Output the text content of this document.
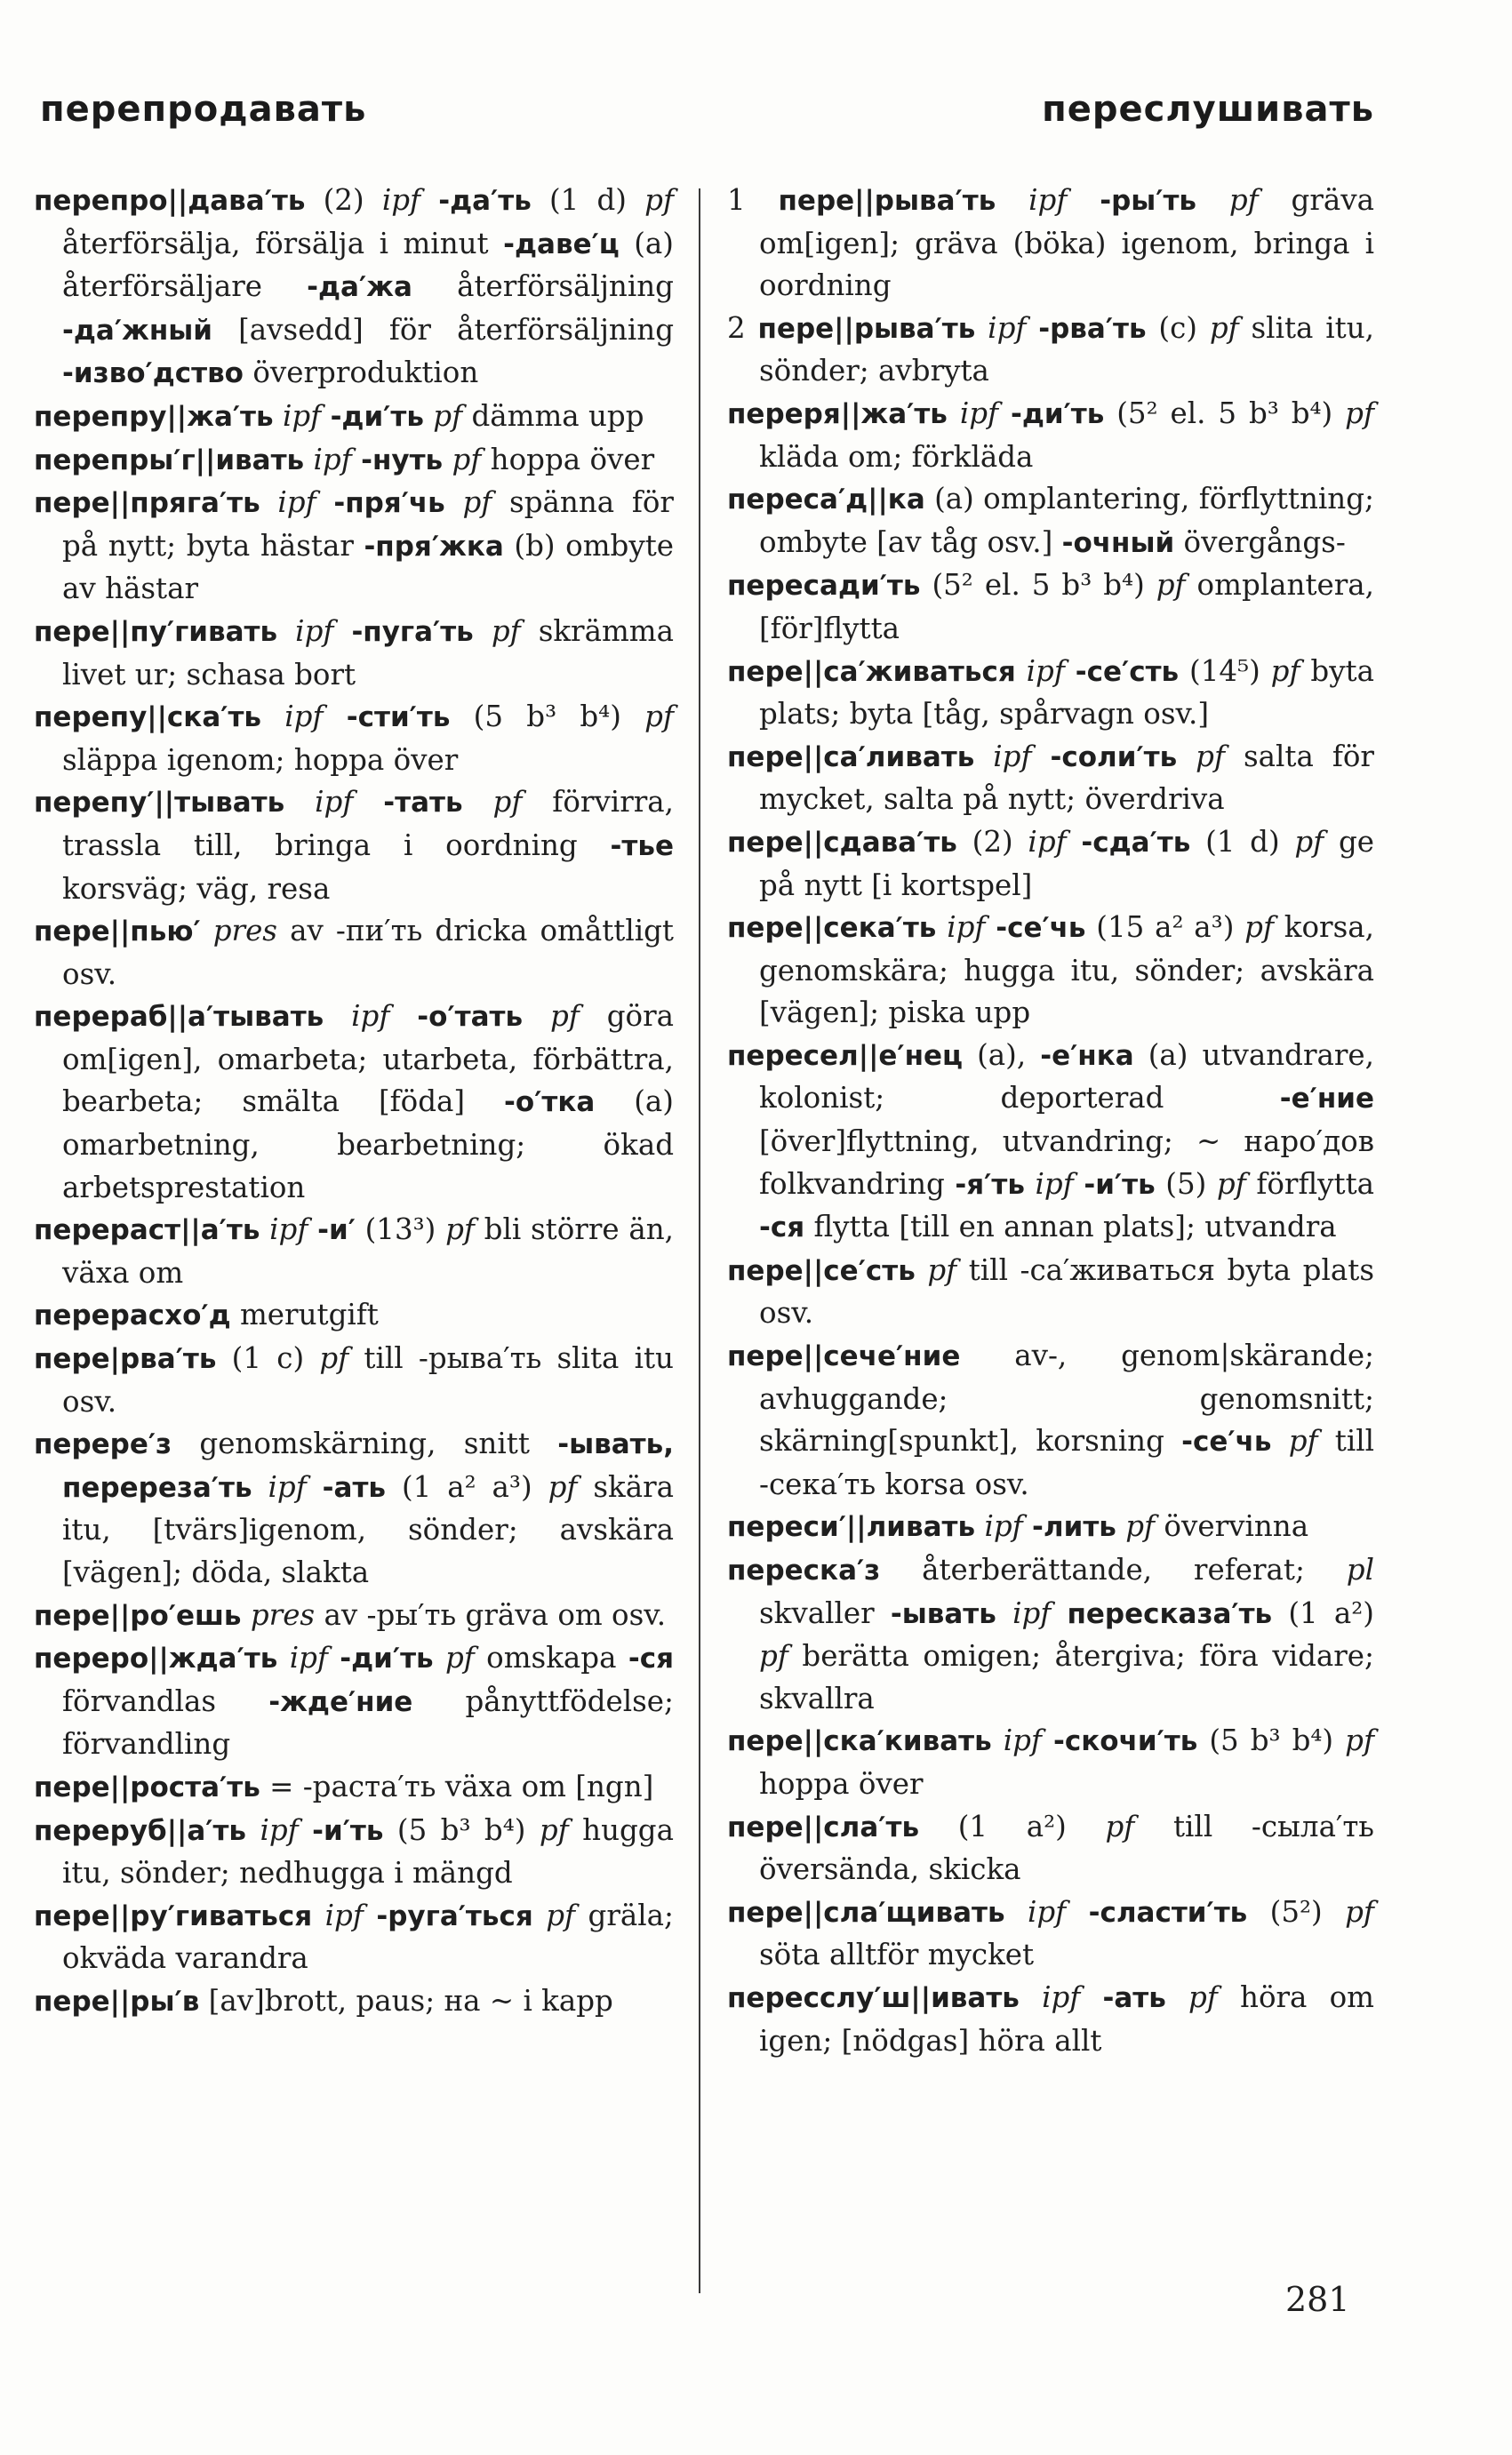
перепродавать	переслушивать
перепро||дава′ть (2) ipf -да′ть (1 d) pf återförsälja, försälja i minut -даве′ц (a) återförsäljare -да′жа återförsäljning -да′жный [avsedd] för återförsäljning -изво′дство överproduktion
перепру||жа′ть ipf -ди′ть pf dämma upp
перепры′г||ивать ipf -нуть pf hoppa över
пере||пряга′ть ipf -пря′чь pf spänna för på nytt; byta hästar -пря′жка (b) ombyte av hästar
пере||пу′гивать ipf -пуга′ть pf skrämma livet ur; schasa bort
перепу||ска′ть ipf -сти′ть (5 b³ b⁴) pf släppa igenom; hoppa över
перепу′||тывать ipf -тать pf förvirra, trassla till, bringa i oordning -тье korsväg; väg, resa
пере||пью′ pres av -пи′ть dricka omåttligt osv.
перераб||а′тывать ipf -о′тать pf göra om[igen], omarbeta; utarbeta, förbättra, bearbeta; smälta [föda] -о′тка (a) omarbetning, bearbetning; ökad arbetsprestation
перераст||а′ть ipf -и′ (13³) pf bli större än, växa om
перерасхо′д merutgift
пере|рва′ть (1 c) pf till -рыва′ть slita itu osv.
перере′з genomskärning, snitt -ывать, перереза′ть ipf -ать (1 a² a³) pf skära itu, [tvärs]igenom, sönder; avskära [vägen]; döda, slakta
пере||ро′ешь pres av -ры′ть gräva om osv.
переро||жда′ть ipf -ди′ть pf omskapa -ся förvandlas -жде′ние pånyttfödelse; förvandling
пере||роста′ть = -раста′ть växa om [ngn]
переруб||а′ть ipf -и′ть (5 b³ b⁴) pf hugga itu, sönder; nedhugga i mängd
пере||ру′гиваться ipf -руга′ться pf gräla; okväda varandra
пере||ры′в [av]brott, paus; на ~ i kapp
1 пере||рыва′ть ipf -ры′ть pf gräva om[igen]; gräva (böka) igenom, bringa i oordning
2 пере||рыва′ть ipf -рва′ть (c) pf slita itu, sönder; avbryta
переря||жа′ть ipf -ди′ть (5² el. 5 b³ b⁴) pf kläda om; förkläda
переса′д||ка (a) omplantering, förflyttning; ombyte [av tåg osv.] -очный övergångs-
пересади′ть (5² el. 5 b³ b⁴) pf omplantera, [för]flytta
пере||са′живаться ipf -се′сть (14⁵) pf byta plats; byta [tåg, spårvagn osv.]
пере||са′ливать ipf -соли′ть pf salta för mycket, salta på nytt; överdriva
пере||сдава′ть (2) ipf -сда′ть (1 d) pf ge på nytt [i kortspel]
пере||сека′ть ipf -се′чь (15 a² a³) pf korsa, genomskära; hugga itu, sönder; avskära [vägen]; piska upp
пересел||е′нец (a), -е′нка (a) utvandrare, kolonist; deporterad -е′ние [över]flyttning, utvandring; ~ наро′дов folkvandring -я′ть ipf -и′ть (5) pf förflytta -ся flytta [till en annan plats]; utvandra
пере||се′сть pf till -са′живаться byta plats osv.
пере||сече′ние av-, genom|skärande; avhuggande; genomsnitt; skärning[spunkt], korsning -се′чь pf till -сека′ть korsa osv.
переси′||ливать ipf -лить pf övervinna
переска′з återberättande, referat; pl skvaller -ывать ipf пересказа′ть (1 a²) pf berätta omigen; återgiva; föra vidare; skvallra
пере||ска′кивать ipf -скочи′ть (5 b³ b⁴) pf hoppa över
пере||сла′ть (1 a²) pf till -сыла′ть översända, skicka
пере||сла′щивать ipf -сласти′ть (5²) pf söta alltför mycket
пересслу′ш||ивать ipf -ать pf höra om igen; [nödgas] höra allt
281
